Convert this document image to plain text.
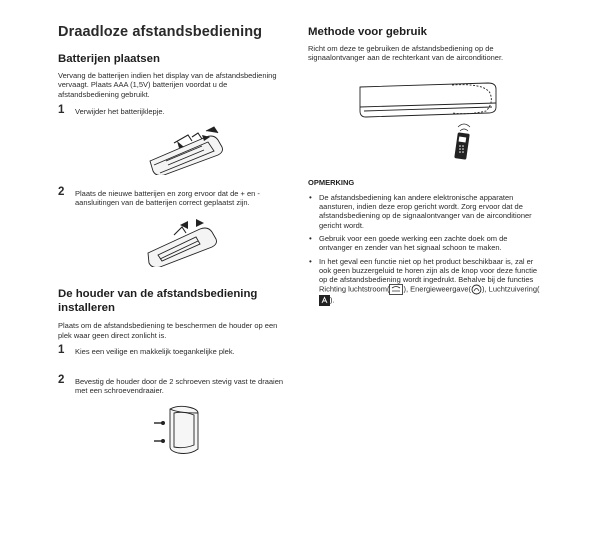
Draadloze afstandsbediening
Batterijen plaatsen

Vervang de batterijen indien het display van de afstandsbediening vervaagt. Plaats AAA (1,5V) batterijen voordat u de afstandsbediening gebruikt.

1 Verwijder het batterijklepje.
2 Plaats de nieuwe batterijen en zorg ervoor dat de + en - aansluitingen van de batterijen correct geplaatst zijn.
De houder van de afstandsbediening installeren

Plaats om de afstandsbediening te beschermen de houder op een plek waar geen direct zonlicht is.

1 Kies een veilige en makkelijk toegankelijke plek.
2 Bevestig de houder door de 2 schroeven stevig vast te draaien met een schroevendraaier.
Methode voor gebruik

Richt om deze te gebruiken de afstandsbediening op de signaalontvanger aan de rechterkant van de airconditioner.

OPMERKING
• De afstandsbediening kan andere elektronische apparaten aansturen, indien deze erop gericht wordt. Zorg ervoor dat de afstandsbediening op de signaalontvanger van de airconditioner gericht wordt.
• Gebruik voor een goede werking een zachte doek om de ontvanger en zender van het signaal schoon te maken.
• In het geval een functie niet op het product beschikbaar is, zal er ook geen buzzergeluid te horen zijn als de knop voor deze functie op de afstandsbediening wordt ingedrukt. Behalve bij de functies Richting luchtstroom( ), Energieweergave( ), Luchtzuivering().
